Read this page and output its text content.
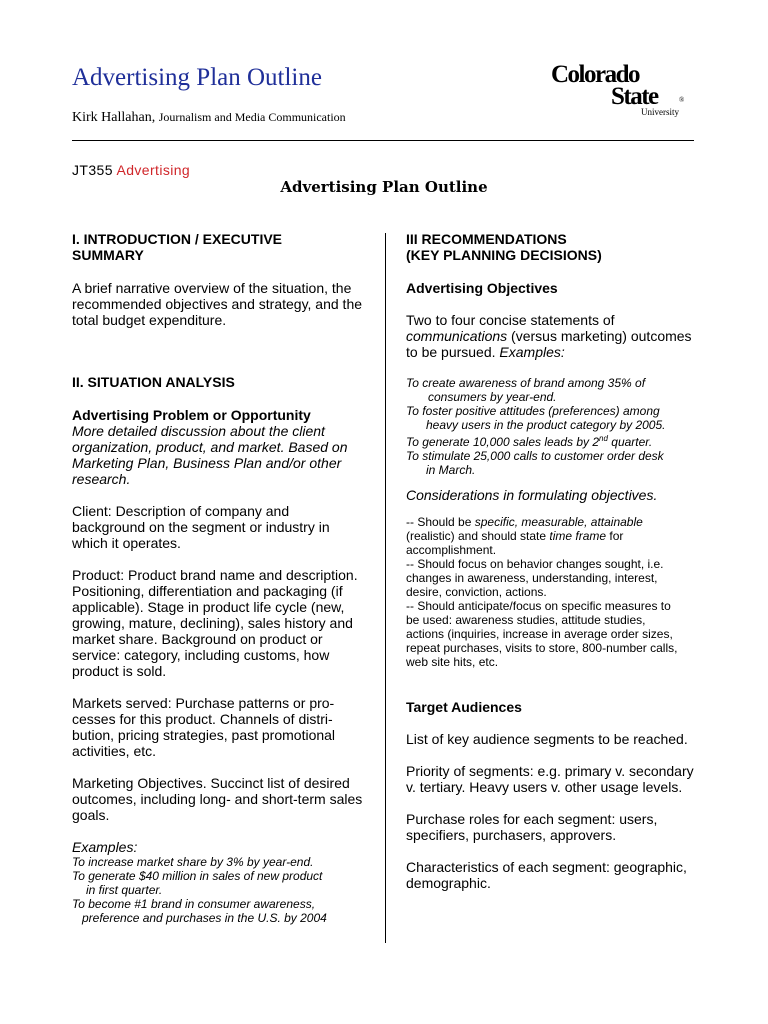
Advertising Plan Outline
Kirk Hallahan, Journalism and Media Communication
Colorado
State	®
University
JT355 Advertising
Advertising Plan Outline

I. INTRODUCTION / EXECUTIVE

SUMMARY

A brief narrative overview of the situation, the

recommended objectives and strategy, and the

total budget expenditure.

II. SITUATION ANALYSIS

Advertising Problem or Opportunity

More detailed discussion about the client

organization, product, and market. Based on

Marketing Plan, Business Plan and/or other

research.

Client: Description of company and

background on the segment or industry in

which it operates.

Product: Product brand name and description.

Positioning, differentiation and packaging (if

applicable). Stage in product life cycle (new,

growing, mature, declining), sales history and

market share. Background on product or

service: category, including customs, how

product is sold.

Markets served: Purchase patterns or pro-

cesses for this product. Channels of distri-

bution, pricing strategies, past promotional

activities, etc.

Marketing Objectives. Succinct list of desired

outcomes, including long- and short-term sales

goals.

Examples:

To increase market share by 3% by year-end.

To generate $40 million in sales of new product

in first quarter.

To become #1 brand in consumer awareness,

preference and purchases in the U.S. by 2004

III RECOMMENDATIONS

(KEY PLANNING DECISIONS)

Advertising Objectives

Two to four concise statements of

communications (versus marketing) outcomes

to be pursued. Examples:

To create awareness of brand among 35% of

consumers by year-end.

To foster positive attitudes (preferences) among

heavy users in the product category by 2005.

To generate 10,000 sales leads by 2nd quarter.

To stimulate 25,000 calls to customer order desk

in March.

Considerations in formulating objectives.

-- Should be specific, measurable, attainable

(realistic) and should state time frame for

accomplishment.

-- Should focus on behavior changes sought, i.e.

changes in awareness, understanding, interest,

desire, conviction, actions.

-- Should anticipate/focus on specific measures to

be used: awareness studies, attitude studies,

actions (inquiries, increase in average order sizes,

repeat purchases, visits to store, 800-number calls,

web site hits, etc.

Target Audiences

List of key audience segments to be reached.

Priority of segments: e.g. primary v. secondary

v. tertiary. Heavy users v. other usage levels.

Purchase roles for each segment: users,

specifiers, purchasers, approvers.

Characteristics of each segment: geographic,

demographic.
